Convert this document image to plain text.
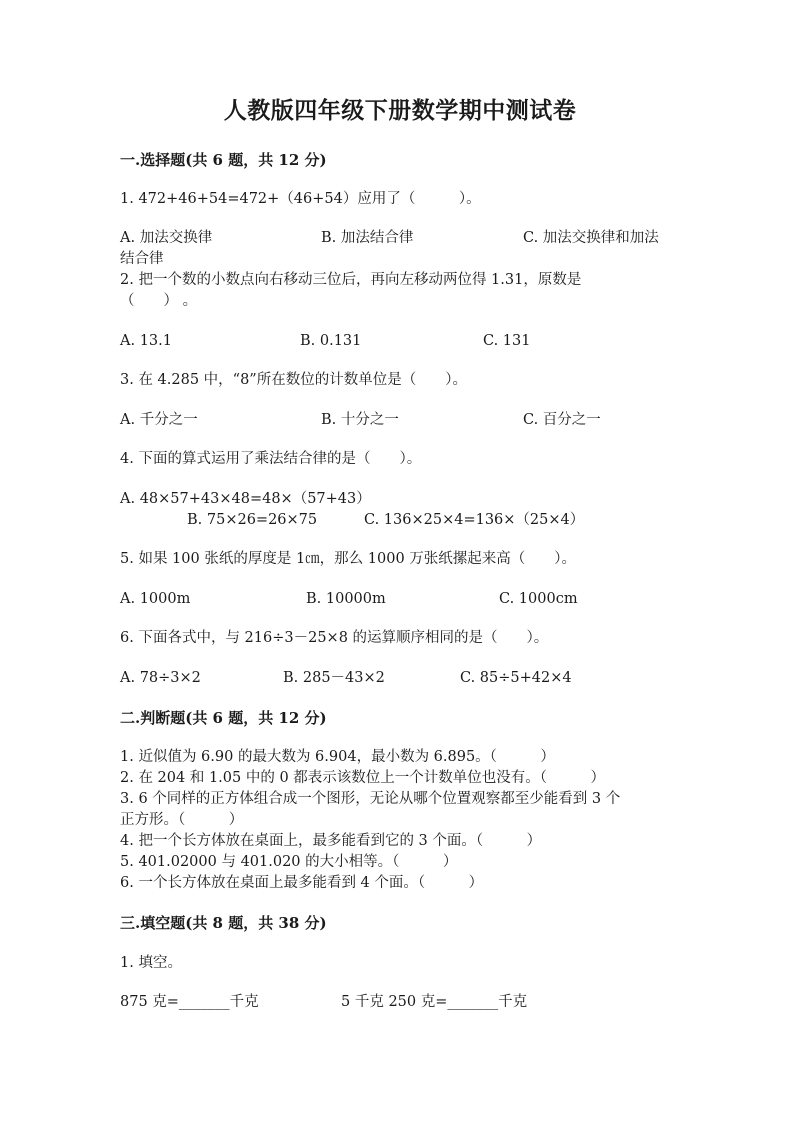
人教版四年级下册数学期中测试卷
一.选择题(共 6 题，共 12 分)
1. 472+46+54=472+（46+54）应用了（　　　）。
A. 加法交换律	B. 加法结合律	C. 加法交换律和加法
结合律
2. 把一个数的小数点向右移动三位后，再向左移动两位得 1.31，原数是
（　　） 。
A. 13.1	B. 0.131	C. 131
3. 在 4.285 中，“8”所在数位的计数单位是（　　）。
A. 千分之一	B. 十分之一	C. 百分之一
4. 下面的算式运用了乘法结合律的是（　　）。
A. 48×57+43×48=48×（57+43）
B. 75×26=26×75	C. 136×25×4=136×（25×4）
5. 如果 100 张纸的厚度是 1㎝，那么 1000 万张纸摞起来高（　　）。
A. 1000m	B. 10000m	C. 1000cm
6. 下面各式中，与 216÷3－25×8 的运算顺序相同的是（　　）。
A. 78÷3×2	B. 285－43×2	C. 85÷5+42×4
二.判断题(共 6 题，共 12 分)
1. 近似值为 6.90 的最大数为 6.904，最小数为 6.895。（　　　）
2. 在 204 和 1.05 中的 0 都表示该数位上一个计数单位也没有。（　　　）
3. 6 个同样的正方体组合成一个图形，无论从哪个位置观察都至少能看到 3 个
正方形。（　　　）
4. 把一个长方体放在桌面上，最多能看到它的 3 个面。（　　　）
5. 401.02000 与 401.020 的大小相等。（　　　）
6. 一个长方体放在桌面上最多能看到 4 个面。（　　　）
三.填空题(共 8 题，共 38 分)
1. 填空。
875 克=_______千克	5 千克 250 克=_______千克
